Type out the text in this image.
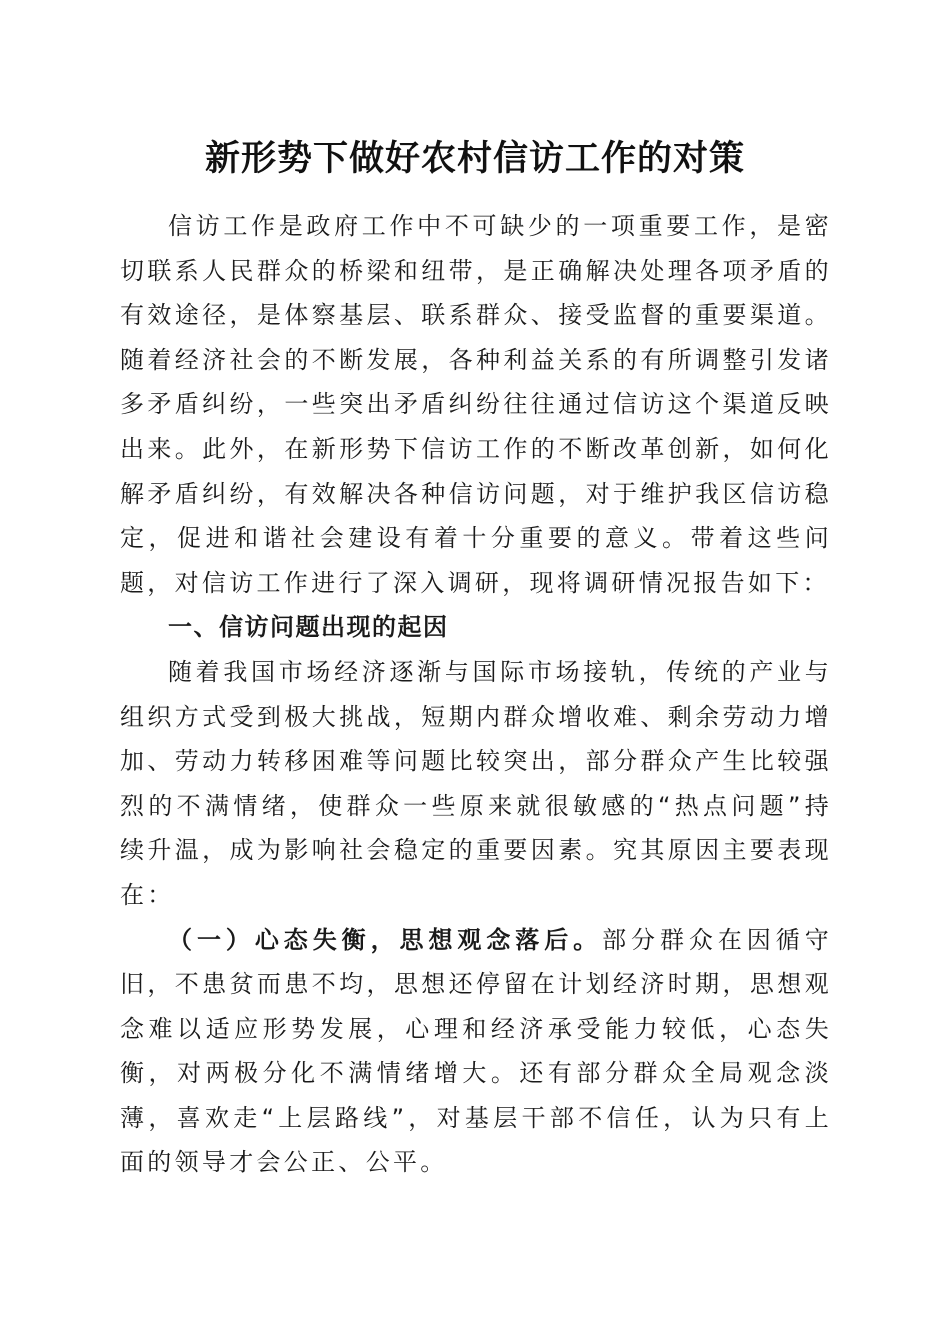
新形势下做好农村信访工作的对策

信访工作是政府工作中不可缺少的一项重要工作，是密切联系人民群众的桥梁和纽带，是正确解决处理各项矛盾的有效途径，是体察基层、联系群众、接受监督的重要渠道。随着经济社会的不断发展，各种利益关系的有所调整引发诸多矛盾纠纷，一些突出矛盾纠纷往往通过信访这个渠道反映出来。此外，在新形势下信访工作的不断改革创新，如何化解矛盾纠纷，有效解决各种信访问题，对于维护我区信访稳定，促进和谐社会建设有着十分重要的意义。带着这些问题，对信访工作进行了深入调研，现将调研情况报告如下：

一、信访问题出现的起因

随着我国市场经济逐渐与国际市场接轨，传统的产业与组织方式受到极大挑战，短期内群众增收难、剩余劳动力增加、劳动力转移困难等问题比较突出，部分群众产生比较强烈的不满情绪，使群众一些原来就很敏感的“热点问题”持续升温，成为影响社会稳定的重要因素。究其原因主要表现在：

（一）心态失衡，思想观念落后。部分群众在因循守旧，不患贫而患不均，思想还停留在计划经济时期，思想观念难以适应形势发展，心理和经济承受能力较低，心态失衡，对两极分化不满情绪增大。还有部分群众全局观念淡薄，喜欢走“上层路线”，对基层干部不信任，认为只有上面的领导才会公正、公平。
